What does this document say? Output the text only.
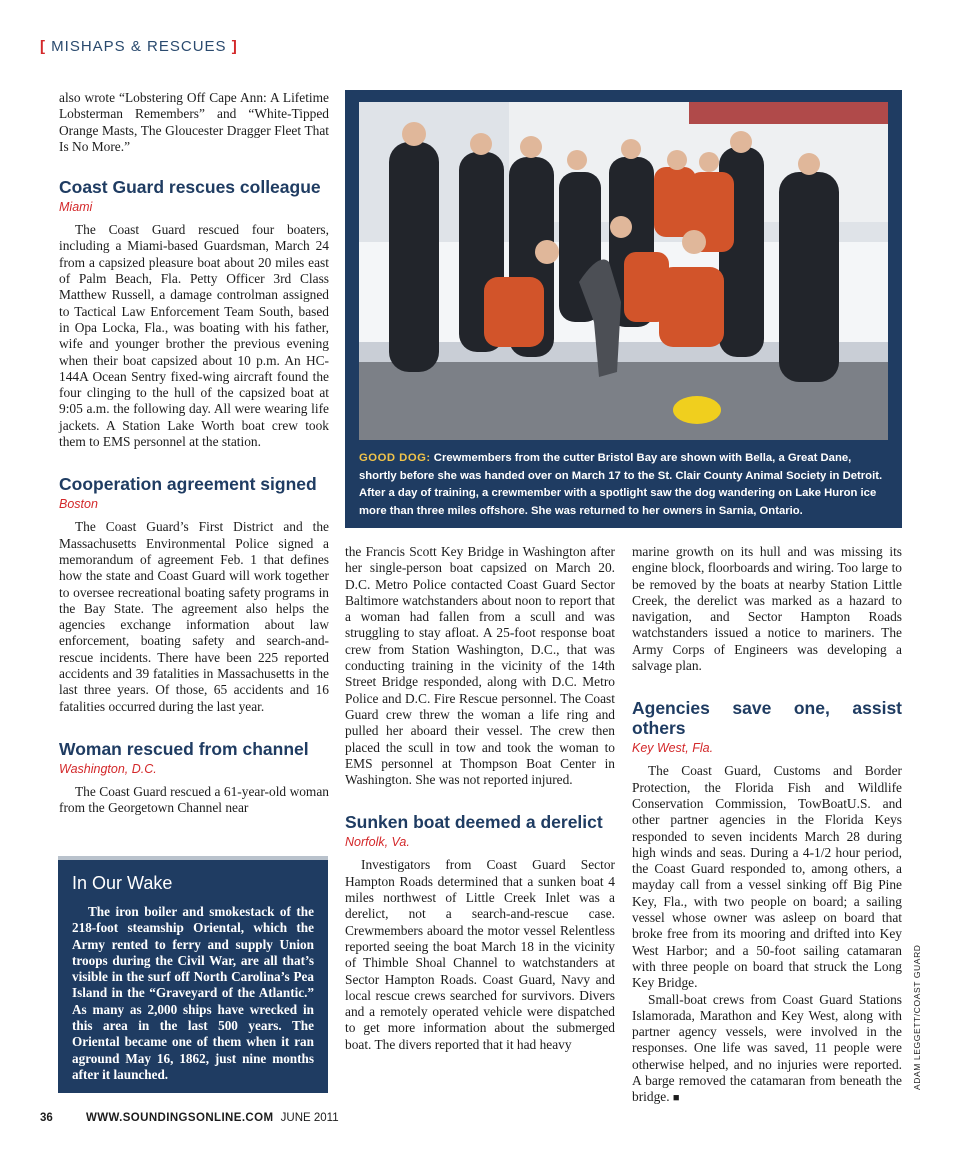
[ MISHAPS & RESCUES ]

also wrote “Lobstering Off Cape Ann: A Lifetime Lobsterman Remembers” and “White-Tipped Orange Masts, The Gloucester Dragger Fleet That Is No More.”

Coast Guard rescues colleague
Miami

The Coast Guard rescued four boaters, including a Miami-based Guardsman, March 24 from a capsized pleasure boat about 20 miles east of Palm Beach, Fla. Petty Officer 3rd Class Matthew Russell, a damage controlman assigned to Tactical Law Enforcement Team South, based in Opa Locka, Fla., was boating with his father, wife and younger brother the previous evening when their boat capsized about 10 p.m. An HC-144A Ocean Sentry fixed-wing aircraft found the four clinging to the hull of the capsized boat at 9:05 a.m. the following day. All were wearing life jackets. A Station Lake Worth boat crew took them to EMS personnel at the station.

Cooperation agreement signed
Boston

The Coast Guard’s First District and the Massachusetts Environmental Police signed a memorandum of agreement Feb. 1 that defines how the state and Coast Guard will work together to oversee recreational boating safety programs in the Bay State. The agreement also helps the agencies exchange information about law enforcement, boating safety and search-and-rescue incidents. There have been 225 reported accidents and 39 fatalities in Massachusetts in the last three years. Of those, 65 accidents and 16 fatalities occurred during the last year.

Woman rescued from channel
Washington, D.C.

The Coast Guard rescued a 61-year-old woman from the Georgetown Channel near

GOOD DOG: Crewmembers from the cutter Bristol Bay are shown with Bella, a Great Dane, shortly before she was handed over on March 17 to the St. Clair County Animal Society in Detroit. After a day of training, a crewmember with a spotlight saw the dog wandering on Lake Huron ice more than three miles offshore. She was returned to her owners in Sarnia, Ontario.

the Francis Scott Key Bridge in Washington after her single-person boat capsized on March 20. D.C. Metro Police contacted Coast Guard Sector Baltimore watchstanders about noon to report that a woman had fallen from a scull and was struggling to stay afloat. A 25-foot response boat crew from Station Washington, D.C., that was conducting training in the vicinity of the 14th Street Bridge responded, along with D.C. Metro Police and D.C. Fire Rescue personnel. The Coast Guard crew threw the woman a life ring and pulled her aboard their vessel. The crew then placed the scull in tow and took the woman to EMS personnel at Thompson Boat Center in Washington. She was not reported injured.

Sunken boat deemed a derelict
Norfolk, Va.

Investigators from Coast Guard Sector Hampton Roads determined that a sunken boat 4 miles northwest of Little Creek Inlet was a derelict, not a search-and-rescue case. Crewmembers aboard the motor vessel Relentless reported seeing the boat March 18 in the vicinity of Thimble Shoal Channel to watchstanders at Sector Hampton Roads. Coast Guard, Navy and local rescue crews searched for survivors. Divers and a remotely operated vehicle were dispatched to get more information about the submerged boat. The divers reported that it had heavy

marine growth on its hull and was missing its engine block, floorboards and wiring. Too large to be removed by the boats at nearby Station Little Creek, the derelict was marked as a hazard to navigation, and Sector Hampton Roads watchstanders issued a notice to mariners. The Army Corps of Engineers was developing a salvage plan.

Agencies save one, assist others
Key West, Fla.

The Coast Guard, Customs and Border Protection, the Florida Fish and Wildlife Conservation Commission, TowBoatU.S. and other partner agencies in the Florida Keys responded to seven incidents March 28 during high winds and seas. During a 4-1/2 hour period, the Coast Guard responded to, among others, a mayday call from a vessel sinking off Big Pine Key, Fla., with two people on board; a sailing vessel whose owner was asleep on board that broke free from its mooring and drifted into Key West Harbor; and a 50-foot sailing catamaran with three people on board that struck the Long Key Bridge.

Small-boat crews from Coast Guard Stations Islamorada, Marathon and Key West, along with partner agency vessels, were involved in the responses. One life was saved, 11 people were otherwise helped, and no injuries were reported. A barge removed the catamaran from beneath the bridge. ■

In Our Wake

The iron boiler and smokestack of the 218-foot steamship Oriental, which the Army rented to ferry and supply Union troops during the Civil War, are all that’s visible in the surf off North Carolina’s Pea Island in the “Graveyard of the Atlantic.” As many as 2,000 ships have wrecked in this area in the last 500 years. The Oriental became one of them when it ran aground May 16, 1862, just nine months after it launched.	ADAM LEGGETT/COAST GUARD
36	WWW.SOUNDINGSONLINE.COM JUNE 2011
